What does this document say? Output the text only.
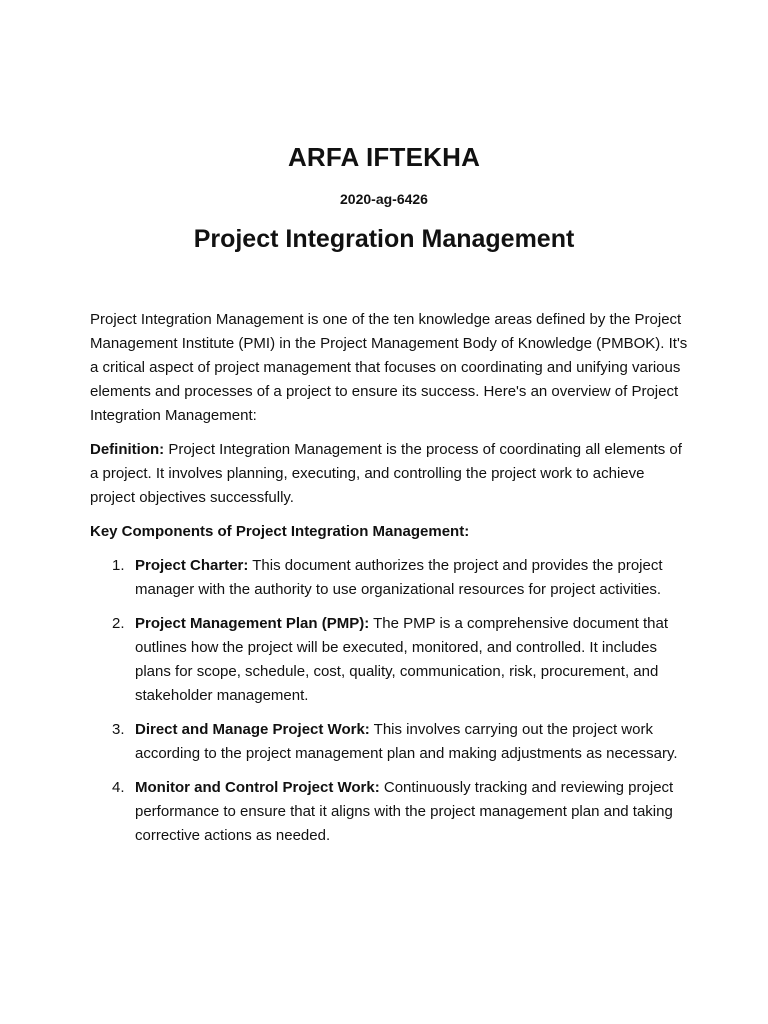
ARFA IFTEKHA
2020-ag-6426
Project Integration Management

Project Integration Management is one of the ten knowledge areas defined by the Project Management Institute (PMI) in the Project Management Body of Knowledge (PMBOK). It's a critical aspect of project management that focuses on coordinating and unifying various elements and processes of a project to ensure its success. Here's an overview of Project Integration Management:

Definition: Project Integration Management is the process of coordinating all elements of a project. It involves planning, executing, and controlling the project work to achieve project objectives successfully.

Key Components of Project Integration Management:

1. Project Charter: This document authorizes the project and provides the project manager with the authority to use organizational resources for project activities.
2. Project Management Plan (PMP): The PMP is a comprehensive document that outlines how the project will be executed, monitored, and controlled. It includes plans for scope, schedule, cost, quality, communication, risk, procurement, and stakeholder management.
3. Direct and Manage Project Work: This involves carrying out the project work according to the project management plan and making adjustments as necessary.
4. Monitor and Control Project Work: Continuously tracking and reviewing project performance to ensure that it aligns with the project management plan and taking corrective actions as needed.
